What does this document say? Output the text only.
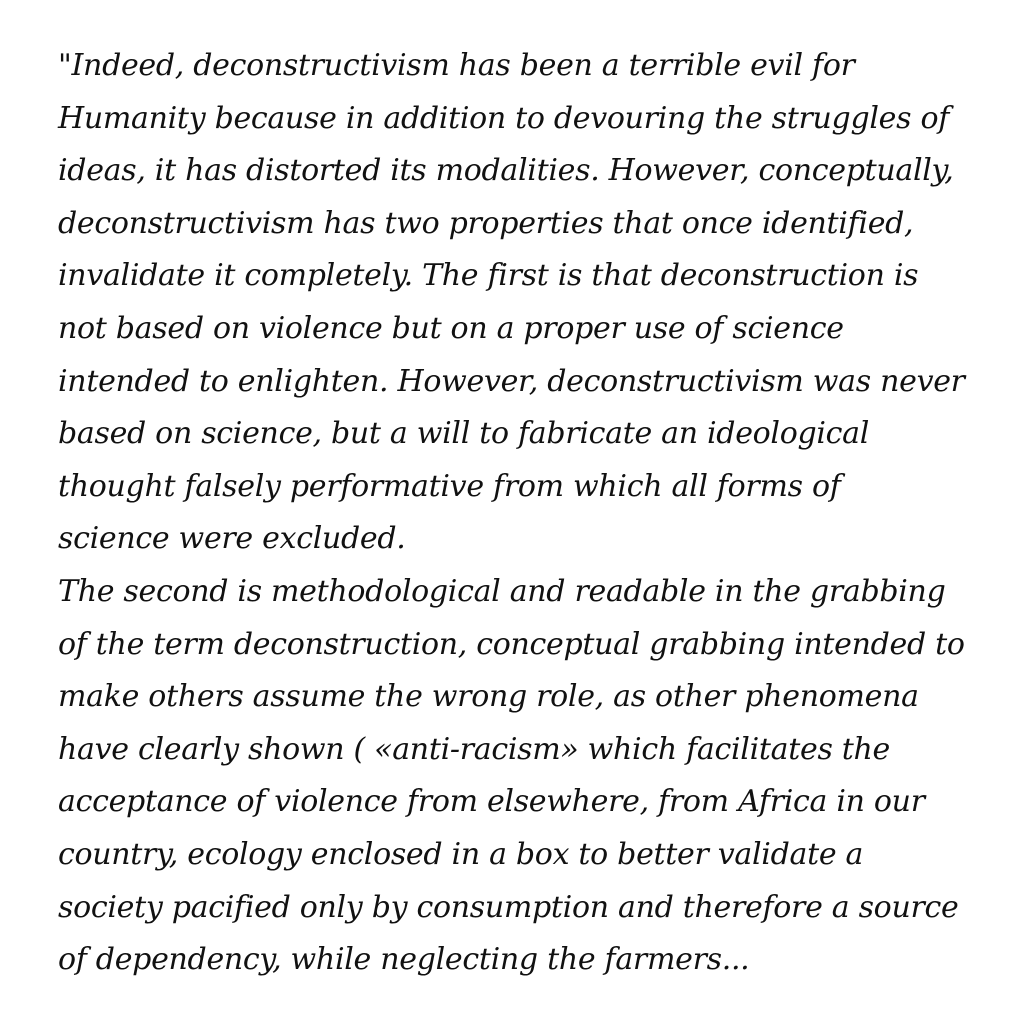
"Indeed, deconstructivism has been a terrible evil for
Humanity because in addition to devouring the struggles of
ideas, it has distorted its modalities. However, conceptually,
deconstructivism has two properties that once identified,
invalidate it completely. The first is that deconstruction is
not based on violence but on a proper use of science
intended to enlighten. However, deconstructivism was never
based on science, but a will to fabricate an ideological
thought falsely performative from which all forms of
science were excluded.
The second is methodological and readable in the grabbing
of the term deconstruction, conceptual grabbing intended to
make others assume the wrong role, as other phenomena
have clearly shown ( «anti-racism» which facilitates the
acceptance of violence from elsewhere, from Africa in our
country, ecology enclosed in a box to better validate a
society pacified only by consumption and therefore a source
of dependency, while neglecting the farmers...
